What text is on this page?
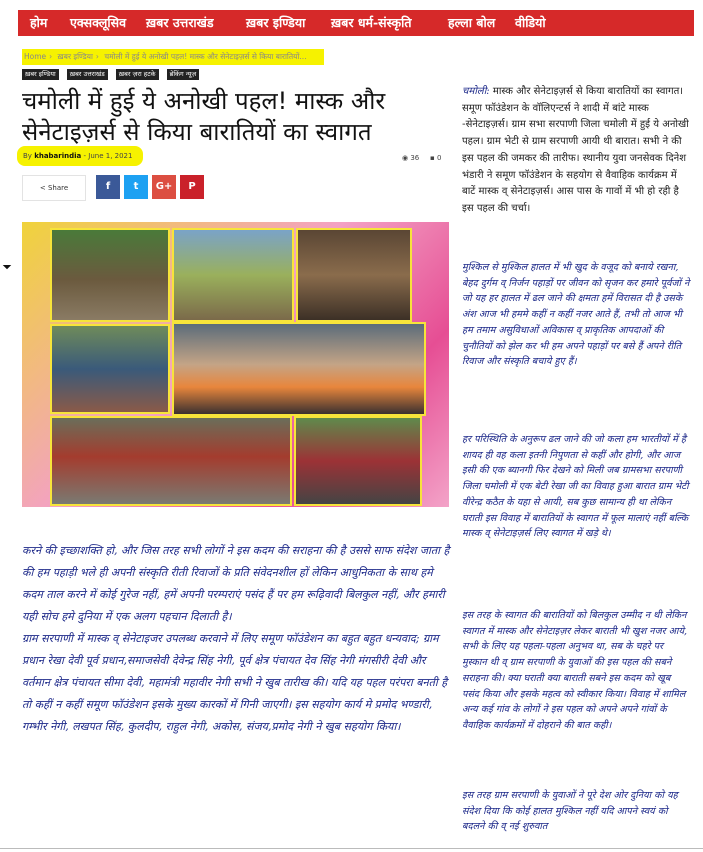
होम एक्सक्लूसिव ख़बर उत्तराखंड	ख़बर इण्डिया ख़बर धर्म-संस्कृति	हल्ला बोल वीडियो
Home › ख़बर इण्डिया › चमोली में हुई ये अनोखी पहल! मास्क और सेनेटाइज़र्स से किया बारातियों...
ख़बर इण्डिया ख़बर उत्तराखंड ख़बर ज़रा हटके ब्रेकिंग न्यूज़
चमोली में हुई ये अनोखी पहल! मास्क और सेनेटाइज़र्स से किया बारातियों का स्वागत
By khabarindia - June 1, 2021	◉ 36 ▪ 0
< Share	f	t	G+	P

करने की इच्छाशक्ति हो, और जिस तरह सभी लोगों ने इस कदम की सराहना की है उससे साफ संदेश जाता है की हम पहाड़ी भले ही अपनी संस्कृति रीती रिवाजों के प्रति संवेदनशील हों लेकिन आधुनिकता के साथ हमे कदम ताल करने में कोई गुरेज नहीं, हमें अपनी परम्पराएं पसंद हैं पर हम रूढ़िवादी बिलकुल नहीं, और हमारी यही सोच हमे दुनिया में एक अलग पहचान दिलाती है।

ग्राम सरपाणी में मास्क व् सेनेटाइजर उपलब्ध करवाने में लिए समूण फॉउंडेशन का बहुत बहुत धन्यवाद; ग्राम प्रधान रेखा देवी पूर्व प्रधान,समाजसेवी देवेन्द्र सिंह नेगी, पूर्व क्षेत्र पंचायत देव सिंह नेगी मंगसीरी देवी और वर्तमान क्षेत्र पंचायत सीमा देवी, महामंत्री महावीर नेगी सभी ने खुब तारीख की। यदि यह पहल परंपरा बनती है तो कहीं न कहीं समूण फॉउंडेशन इसके मुख्य कारकों में गिनी जाएगी। इस सहयोग कार्य मे प्रमोद भण्डारी, गम्भीर नेगी, लखपत सिंह, कुलदीप, राहुल नेगी, अकोस, संजय,प्रमोद नेगी ने खुब सहयोग किया।

चमोली: मास्क और सेनेटाइज़र्स से किया बारातियों का स्वागत। समूण फॉउंडेशन के वॉलिएन्टर्स ने शादी में बांटे मास्क -सेनेटाइज़र्स। ग्राम सभा सरपाणी जिला चमोली में हुई ये अनोखी पहल। ग्राम भेटी से ग्राम सरपाणी आयी थी बारात। सभी ने की इस पहल की जमकर की तारीफ। स्थानीय युवा जनसेवक दिनेश भंडारी ने समूण फॉउंडेशन के सहयोग से वैवाहिक कार्यक्रम में बाटें मास्क व् सेनेटाइज़र्स। आस पास के गावों में भी हो रही है इस पहल की चर्चा।

मुश्किल से मुश्किल हालत में भी खुद के वजूद को बनाये रखना, बेहद दुर्गम व् निर्जन पहाड़ों पर जीवन को सृजन कर हमारे पूर्वजों ने जो यह हर हालत में ढल जाने की क्षमता हमें विरासत दी है उसके अंश आज भी हममे कहीं न कहीं नजर आते हैं, तभी तो आज भी हम तमाम असुविधाओं अविकास व् प्राकृतिक आपदाओं की चुनौतियों को झेल कर भी हम अपने पहाड़ों पर बसे हैं अपने रीति रिवाज और संस्कृति बचाये हुए हैं।
हर परिस्थिति के अनुरूप ढल जाने की जो कला हम भारतीयों में है शायद ही वह कला इतनी निपुणता से कहीं और होगी, और आज इसी की एक ब्यानगी फिर देखने को मिली जब ग्रामसभा सरपाणी जिला चमोली में एक बेटी रेखा जी का विवाह हुआ बारात ग्राम भेटी वीरेन्द्र कठैत के यहा से आयी, सब कुछ सामान्य ही था लेकिन घराती इस विवाह में बारातियों के स्वागत में फूल मालाएं नहीं बल्कि मास्क व् सेनेटाइज़र्स लिए स्वागत में खड़े थे।
इस तरह के स्वागत की बारातियों को बिलकुल उम्मीद न थी लेकिन स्वागत में मास्क और सेनेटाइज़र लेकर बाराती भी खुश नजर आये, सभी के लिए यह पहला-पहला अनुभव था, सब के चहरे पर मुस्कान थी व् ग्राम सरपाणी के युवाओं की इस पहल की सबने सराहना की। क्या घराती क्या बाराती सबने इस कदम को खूब पसंद किया और इसके महत्व को स्वीकार किया। विवाह में शामिल अन्य कई गांव के लोगों ने इस पहल को अपने अपने गांवों के वैवाहिक कार्यक्रमों में दोहराने की बात कही।
इस तरह ग्राम सरपाणी के युवाओं ने पूरे देश ओर दुनिया को यह संदेश दिया कि कोई हालत मुश्किल नहीं यदि आपने स्वयं को बदलने की व् नई शुरुवात
